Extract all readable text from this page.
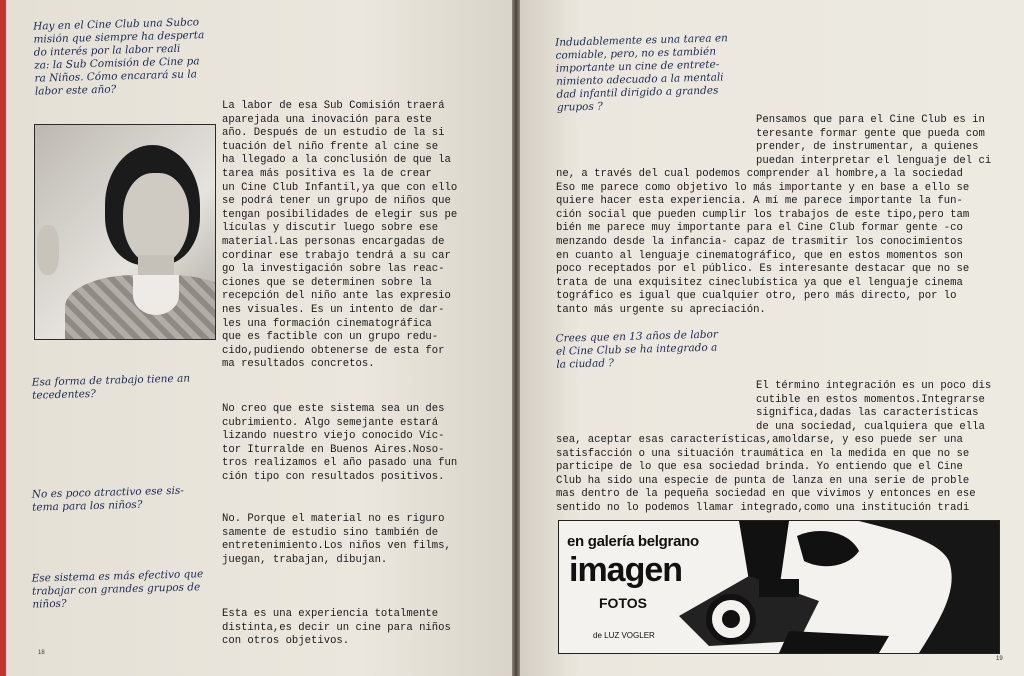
Hay en el Cine Club una Subco
misión que siempre ha desperta
do interés por la labor reali
za: la Sub Comisión de Cine pa
ra Niños. Cómo encarará su la
labor este año?
La labor de esa Sub Comisión traerá
aparejada una inovación para este
año. Después de un estudio de la si
tuación del niño frente al cine se
ha llegado a la conclusión de que la
tarea más positiva es la de crear
un Cine Club Infantil,ya que con ello
se podrá tener un grupo de niños que
tengan posibilidades de elegir sus pe
lículas y discutir luego sobre ese
material.Las personas encargadas de
cordinar ese trabajo tendrá a su car
go la investigación sobre las reac-
ciones que se determinen sobre la
recepción del niño ante las expresio
nes visuales. Es un intento de dar-
les una formación cinematográfica
que es factible con un grupo redu-
cido,pudiendo obtenerse de esta for
ma resultados concretos.
Esa forma de trabajo tiene an
tecedentes?
No creo que este sistema sea un des
cubrimiento. Algo semejante estará
lizando nuestro viejo conocido Víc-
tor Iturralde en Buenos Aires.Noso-
tros realizamos el año pasado una fun
ción tipo con resultados positivos.
No es poco atractivo ese sis-
tema para los niños?
No. Porque el material no es riguro
samente de estudio sino también de
entretenimiento.Los niños ven films,
juegan, trabajan, dibujan.
Ese sistema es más efectivo que
trabajar con grandes grupos de
niños?
Esta es una experiencia totalmente
distinta,es decir un cine para niños
con otros objetivos.
18
Indudablemente es una tarea en
comiable, pero, no es también
importante un cine de entrete-
nimiento adecuado a la mentali
dad infantil dirigido a grandes
grupos ?
Pensamos que para el Cine Club es in
teresante formar gente que pueda com
prender, de instrumentar, a quienes
puedan interpretar el lenguaje del ci
ne, a través del cual podemos comprender al hombre,a la sociedad
Eso me parece como objetivo lo más importante y en base a ello se
quiere hacer esta experiencia. A mí me parece importante la fun-
ción social que pueden cumplir los trabajos de este tipo,pero tam
bién me parece muy importante para el Cine Club formar gente -co
menzando desde la infancia- capaz de trasmitir los conocimientos
en cuanto al lenguaje cinematográfico, que en estos momentos son
poco receptados por el público. Es interesante destacar que no se
trata de una exquisitez cineclubística ya que el lenguaje cinema
tográfico es igual que cualquier otro, pero más directo, por lo
tanto más urgente su apreciación.
Crees que en 13 años de labor
el Cine Club se ha integrado a
la ciudad ?
El término integración es un poco dis
cutible en estos momentos.Integrarse
significa,dadas las características
de una sociedad, cualquiera que ella
sea, aceptar esas características,amoldarse, y eso puede ser una
satisfacción o una situación traumática en la medida en que no se
participe de lo que esa sociedad brinda. Yo entiendo que el Cine
Club ha sido una especie de punta de lanza en una serie de proble
mas dentro de la pequeña sociedad en que vivimos y entonces en ese
sentido no lo podemos llamar integrado,como una institución tradi
en galería belgrano
imagen
FOTOS
de LUZ VOGLER
19
